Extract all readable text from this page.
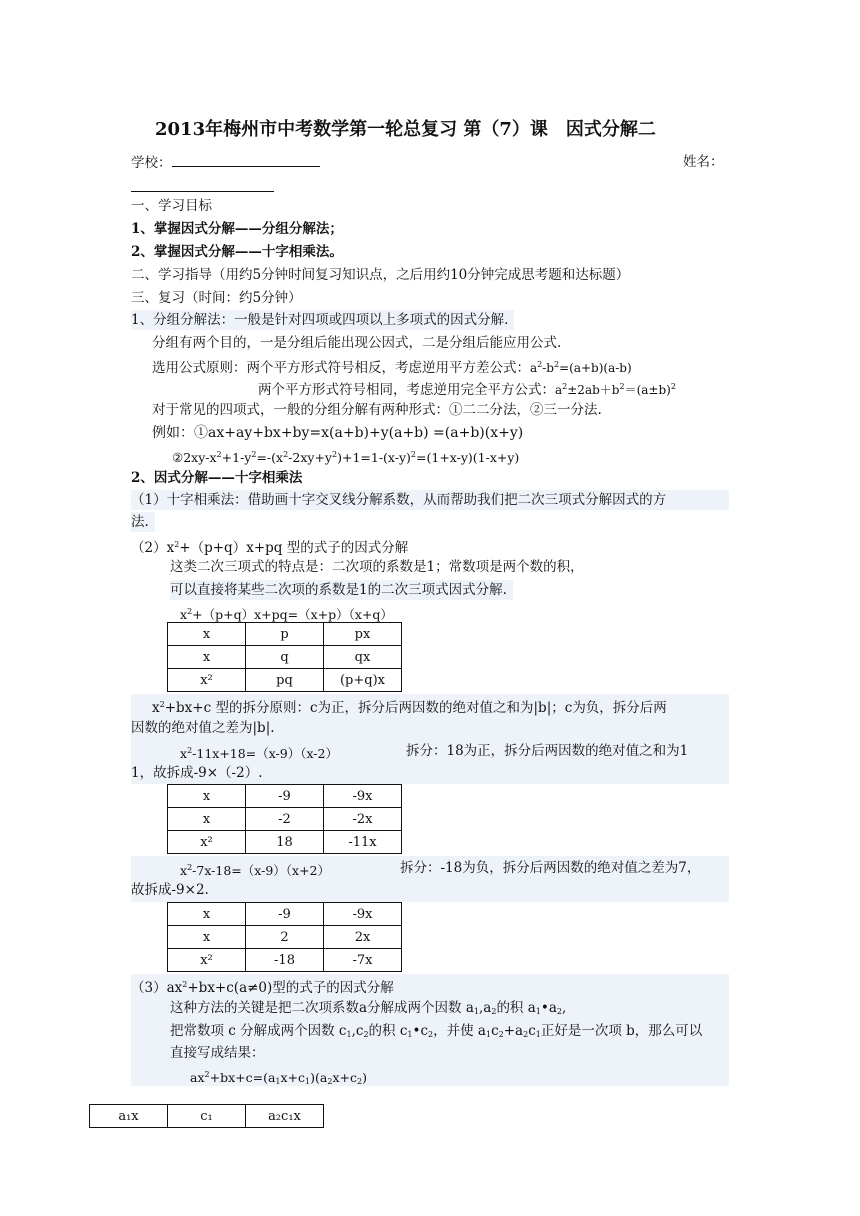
2013年梅州市中考数学第一轮总复习 第（7）课　因式分解二
学校：	姓名：
一、学习目标
1、掌握因式分解——分组分解法；
2、掌握因式分解——十字相乘法。
二、学习指导（用约5分钟时间复习知识点，之后用约10分钟完成思考题和达标题）
三、复习（时间：约5分钟）
1、分组分解法：一般是针对四项或四项以上多项式的因式分解.
分组有两个目的，一是分组后能出现公因式，二是分组后能应用公式.
选用公式原则：两个平方形式符号相反，考虑逆用平方差公式：$a^2-b^2=(a+b)(a-b)$
两个平方形式符号相同，考虑逆用完全平方公式：$a^2\pm 2ab+b^2=(a\pm b)^2$
对于常见的四项式，一般的分组分解有两种形式：①二二分法，②三一分法.
例如：①ax+ay+bx+by=x(a+b)+y(a+b) =(a+b)(x+y)
$②2xy-x^2+1-y^2=-(x^2-2xy+y^2)+1=1-(x-y)^2=(1+x-y)(1-x+y)$
2、因式分解——十字相乘法
（1）十字相乘法：借助画十字交叉线分解系数，从而帮助我们把二次三项式分解因式的方
法.
$(2)x^2+(p+q)x+pq$ 型的式子的因式分解
这类二次三项式的特点是：二次项的系数是1；常数项是两个数的积，
可以直接将某些二次项的系数是1的二次三项式因式分解.
$x^2+(p+q)x+pq=(x+p)(x+q)$
x	p	px
x	q	qx
x²	pq	(p+q)x
$x^2+bx+c$ 型的拆分原则：c为正，拆分后两因数的绝对值之和为|b|；c为负，拆分后两
因数的绝对值之差为|b|.
$x^2-11x+18=(x-9)(x-2)$	拆分：18为正，拆分后两因数的绝对值之和为1
1，故拆成-9×（-2）.
x	-9	-9x
x	-2	-2x
x²	18	-11x
$x^2-7x-18=(x-9)(x+2)$	拆分：-18为负，拆分后两因数的绝对值之差为7，
故拆成-9×2.
x	-9	-9x
x	2	2x
x²	-18	-7x
$(3)ax^2+bx+c(a\ne 0)$型的式子的因式分解
这种方法的关键是把二次项系数a分解成两个因数 $a_1,a_2$的积 $a_1•a_2$,
把常数项 c 分解成两个因数 $c_1,c_2$的积 $c_1•c_2$，并使 $a_1c_2+a_2c_1$正好是一次项 b，那么可以
直接写成结果：
$ax^2+bx+c=(a_1x+c_1)(a_2x+c_2)$
a₁x	c₁	a₂c₁x
